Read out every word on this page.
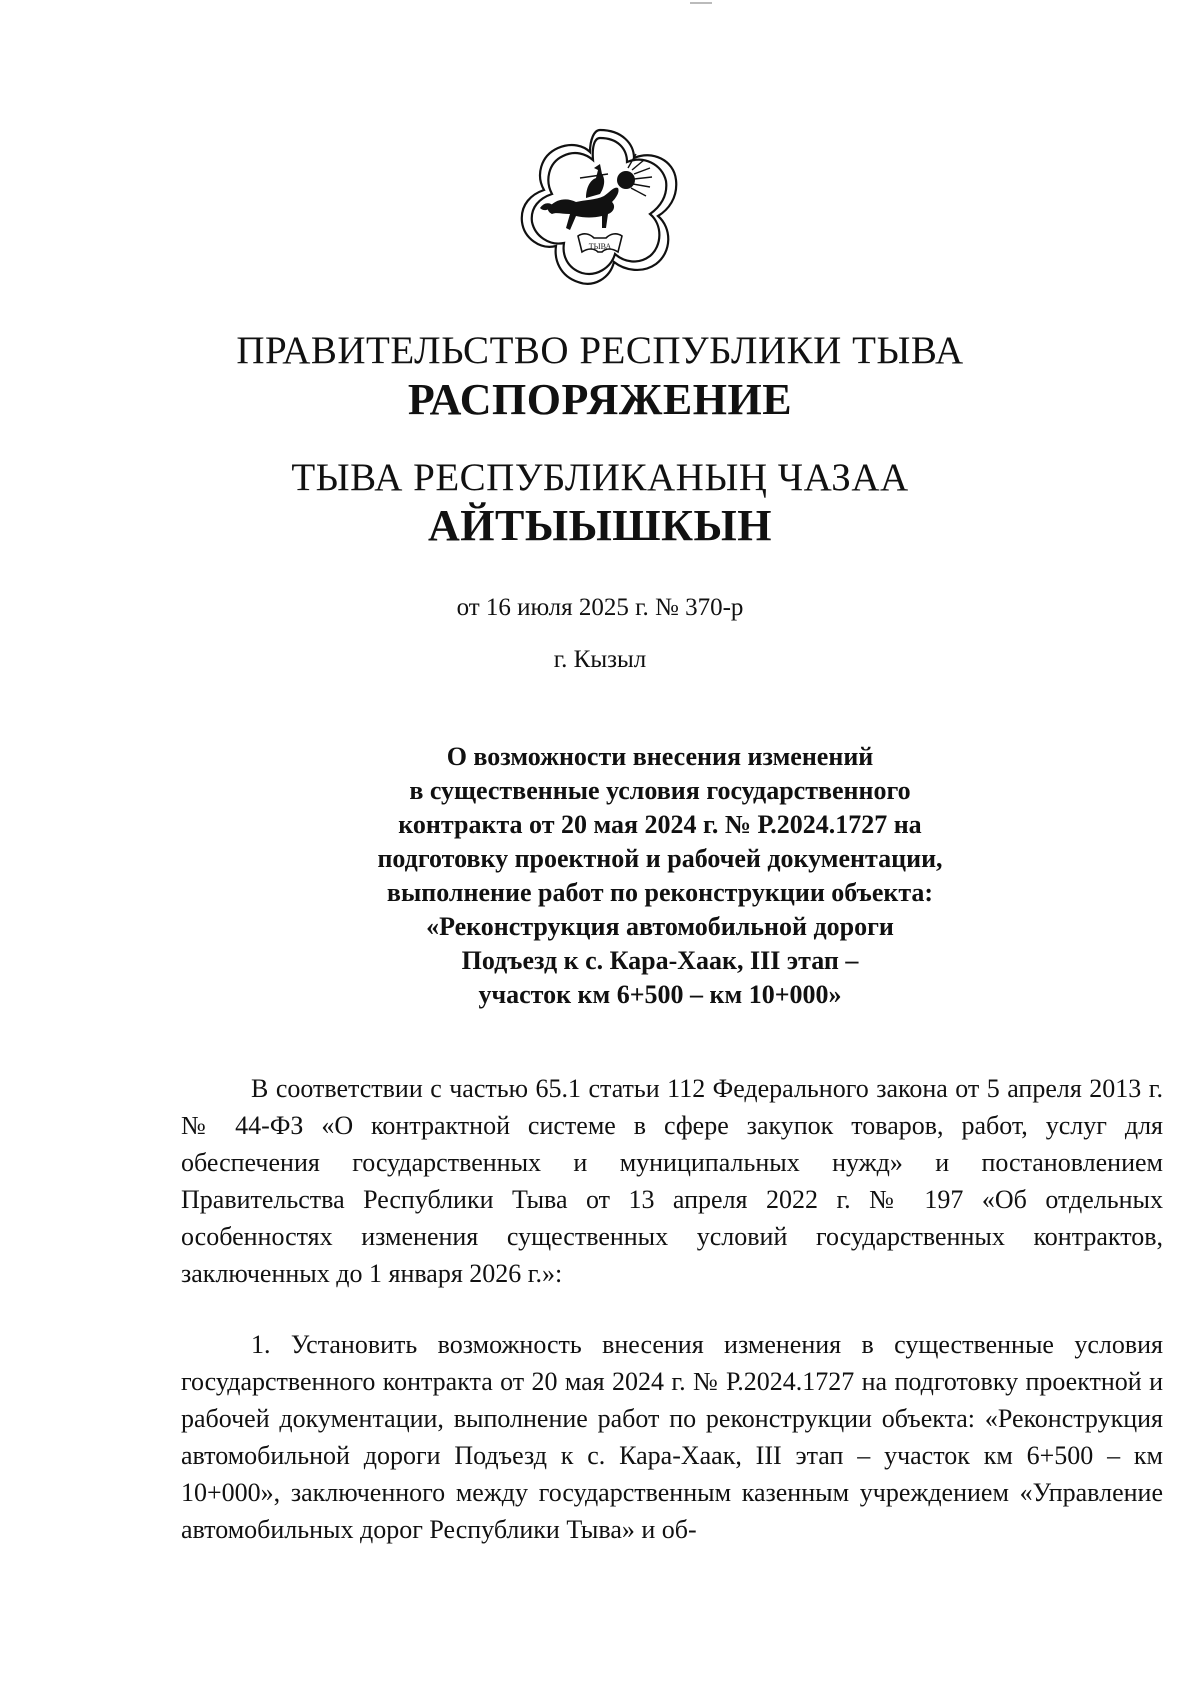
ТЫВА
ПРАВИТЕЛЬСТВО РЕСПУБЛИКИ ТЫВА
РАСПОРЯЖЕНИЕ
ТЫВА РЕСПУБЛИКАНЫҢ ЧАЗАА
АЙТЫЫШКЫН
от 16 июля 2025 г. № 370-р
г. Кызыл
О возможности внесения изменений
в существенные условия государственного
контракта от 20 мая 2024 г. № Р.2024.1727 на
подготовку проектной и рабочей документации,
выполнение работ по реконструкции объекта:
«Реконструкция автомобильной дороги
Подъезд к с. Кара-Хаак, III этап –
участок км 6+500 – км 10+000»

В соответствии с частью 65.1 статьи 112 Федерального закона от 5 апреля 2013 г. № 44-ФЗ «О контрактной системе в сфере закупок товаров, работ, услуг для обеспечения государственных и муниципальных нужд» и постановлением Правительства Республики Тыва от 13 апреля 2022 г. № 197 «Об отдельных особенностях изменения существенных условий государственных контрактов, заключенных до 1 января 2026 г.»:

1. Установить возможность внесения изменения в существенные условия государственного контракта от 20 мая 2024 г. № Р.2024.1727 на подготовку проектной и рабочей документации, выполнение работ по реконструкции объекта: «Реконструкция автомобильной дороги Подъезд к с. Кара-Хаак, III этап – участок км 6+500 – км 10+000», заключенного между государственным казенным учреждением «Управление автомобильных дорог Республики Тыва» и об-
